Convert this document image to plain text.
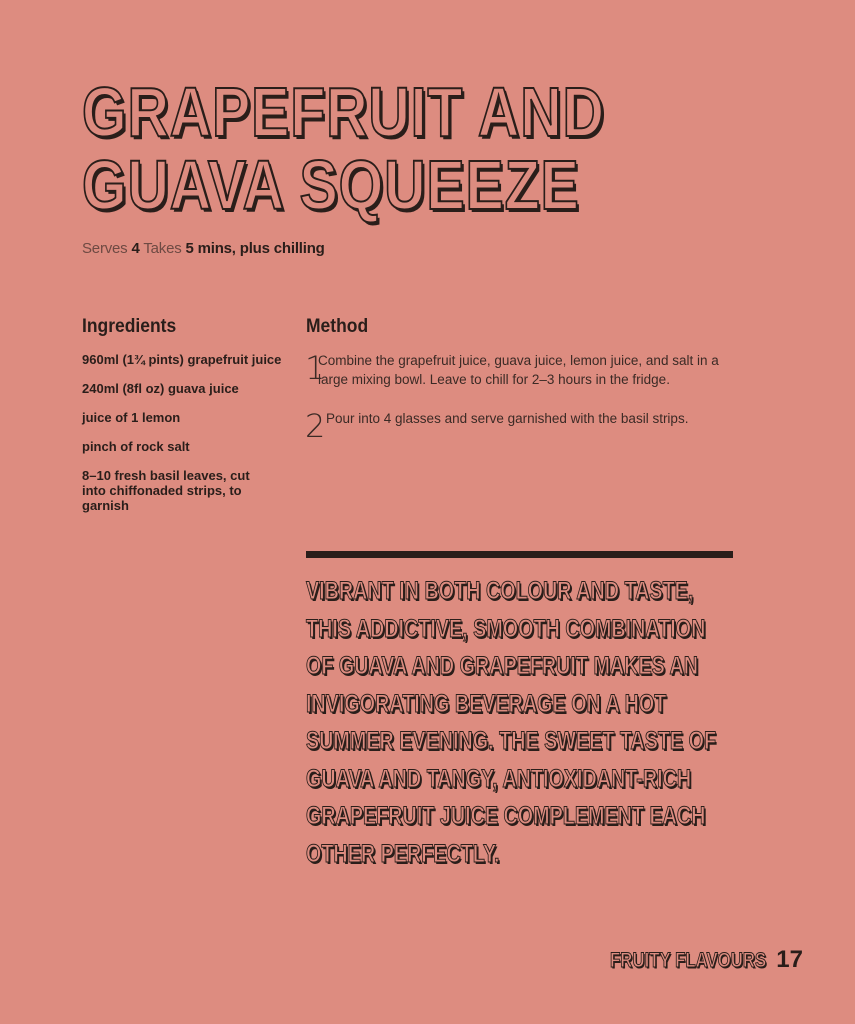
GRAPEFRUIT AND
GUAVA SQUEEZE
Serves 4 Takes 5 mins, plus chilling
Ingredients
960ml (1¾ pints) grapefruit juice
240ml (8fl oz) guava juice
juice of 1 lemon
pinch of rock salt
8–10 fresh basil leaves, cut into chiffonaded strips, to garnish
Method
1
Combine the grapefruit juice, guava juice, lemon juice, and salt in a large mixing bowl. Leave to chill for 2–3 hours in the fridge.
2 Pour into 4 glasses and serve garnished with the basil strips.

VIBRANT IN BOTH COLOUR AND TASTE, THIS ADDICTIVE, SMOOTH COMBINATION OF GUAVA AND GRAPEFRUIT MAKES AN INVIGORATING BEVERAGE ON A HOT SUMMER EVENING. THE SWEET TASTE OF GUAVA AND TANGY, ANTIOXIDANT-RICH GRAPEFRUIT JUICE COMPLEMENT EACH OTHER PERFECTLY.

FRUITY FLAVOURS 17
